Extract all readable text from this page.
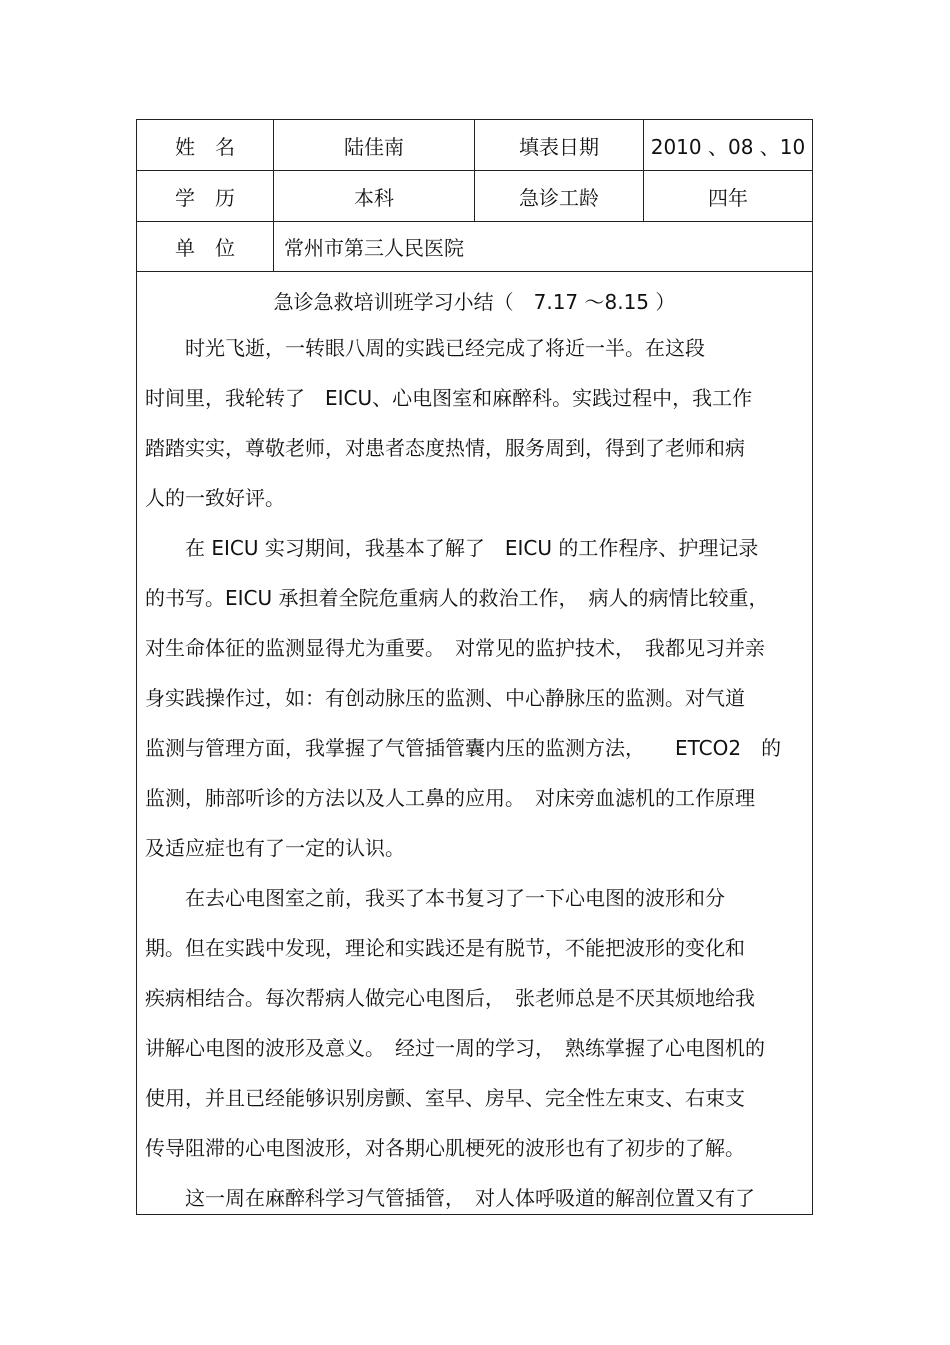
姓　名	陆佳南	填表日期	2010 、08 、10
学　历	本科	急诊工龄	四年
单　位	常州市第三人民医院
急诊急救培训班学习小结（　7.17 ～8.15 ）
　　时光飞逝，一转眼八周的实践已经完成了将近一半。在这段
时间里，我轮转了　EICU、心电图室和麻醉科。实践过程中，我工作
踏踏实实，尊敬老师，对患者态度热情，服务周到，得到了老师和病
人的一致好评。
　　在 EICU 实习期间，我基本了解了　EICU 的工作程序、护理记录
的书写。EICU 承担着全院危重病人的救治工作，　病人的病情比较重，
对生命体征的监测显得尤为重要。　对常见的监护技术，　我都见习并亲
身实践操作过，如：有创动脉压的监测、中心静脉压的监测。对气道
监测与管理方面，我掌握了气管插管囊内压的监测方法，　　ETCO2　的
监测，肺部听诊的方法以及人工鼻的应用。　对床旁血滤机的工作原理
及适应症也有了一定的认识。
　　在去心电图室之前，我买了本书复习了一下心电图的波形和分
期。但在实践中发现，理论和实践还是有脱节，不能把波形的变化和
疾病相结合。每次帮病人做完心电图后，　张老师总是不厌其烦地给我
讲解心电图的波形及意义。　经过一周的学习，　熟练掌握了心电图机的
使用，并且已经能够识别房颤、室早、房早、完全性左束支、右束支
传导阻滞的心电图波形，对各期心肌梗死的波形也有了初步的了解。
　　这一周在麻醉科学习气管插管，　对人体呼吸道的解剖位置又有了
